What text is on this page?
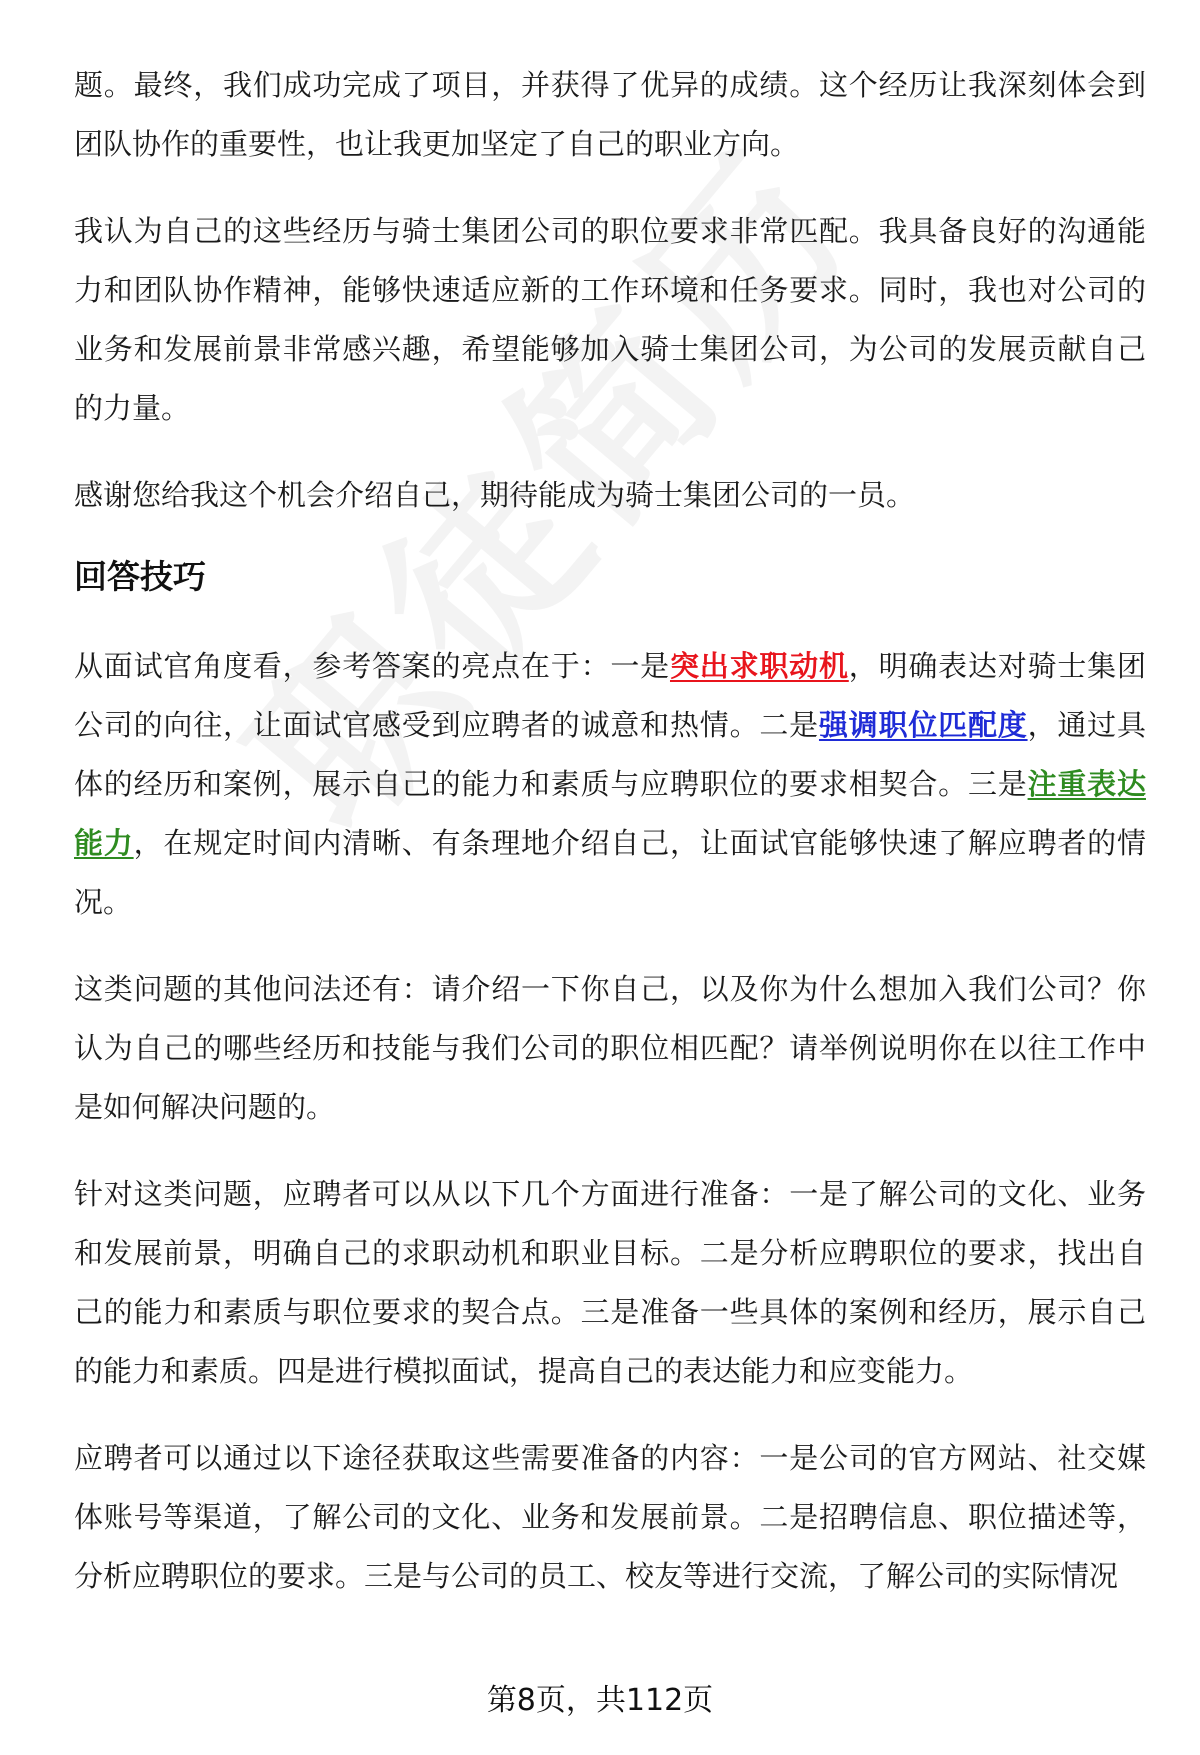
题。最终，我们成功完成了项目，并获得了优异的成绩。这个经历让我深刻体会到团队协作的重要性，也让我更加坚定了自己的职业方向。

我认为自己的这些经历与骑士集团公司的职位要求非常匹配。我具备良好的沟通能力和团队协作精神，能够快速适应新的工作环境和任务要求。同时，我也对公司的业务和发展前景非常感兴趣，希望能够加入骑士集团公司，为公司的发展贡献自己的力量。

感谢您给我这个机会介绍自己，期待能成为骑士集团公司的一员。

回答技巧

从面试官角度看，参考答案的亮点在于：一是突出求职动机，明确表达对骑士集团公司的向往，让面试官感受到应聘者的诚意和热情。二是强调职位匹配度，通过具体的经历和案例，展示自己的能力和素质与应聘职位的要求相契合。三是注重表达能力，在规定时间内清晰、有条理地介绍自己，让面试官能够快速了解应聘者的情况。

这类问题的其他问法还有：请介绍一下你自己，以及你为什么想加入我们公司？你认为自己的哪些经历和技能与我们公司的职位相匹配？请举例说明你在以往工作中是如何解决问题的。

针对这类问题，应聘者可以从以下几个方面进行准备：一是了解公司的文化、业务和发展前景，明确自己的求职动机和职业目标。二是分析应聘职位的要求，找出自己的能力和素质与职位要求的契合点。三是准备一些具体的案例和经历，展示自己的能力和素质。四是进行模拟面试，提高自己的表达能力和应变能力。

应聘者可以通过以下途径获取这些需要准备的内容：一是公司的官方网站、社交媒体账号等渠道，了解公司的文化、业务和发展前景。二是招聘信息、职位描述等，分析应聘职位的要求。三是与公司的员工、校友等进行交流，了解公司的实际情况

第8页，共112页
